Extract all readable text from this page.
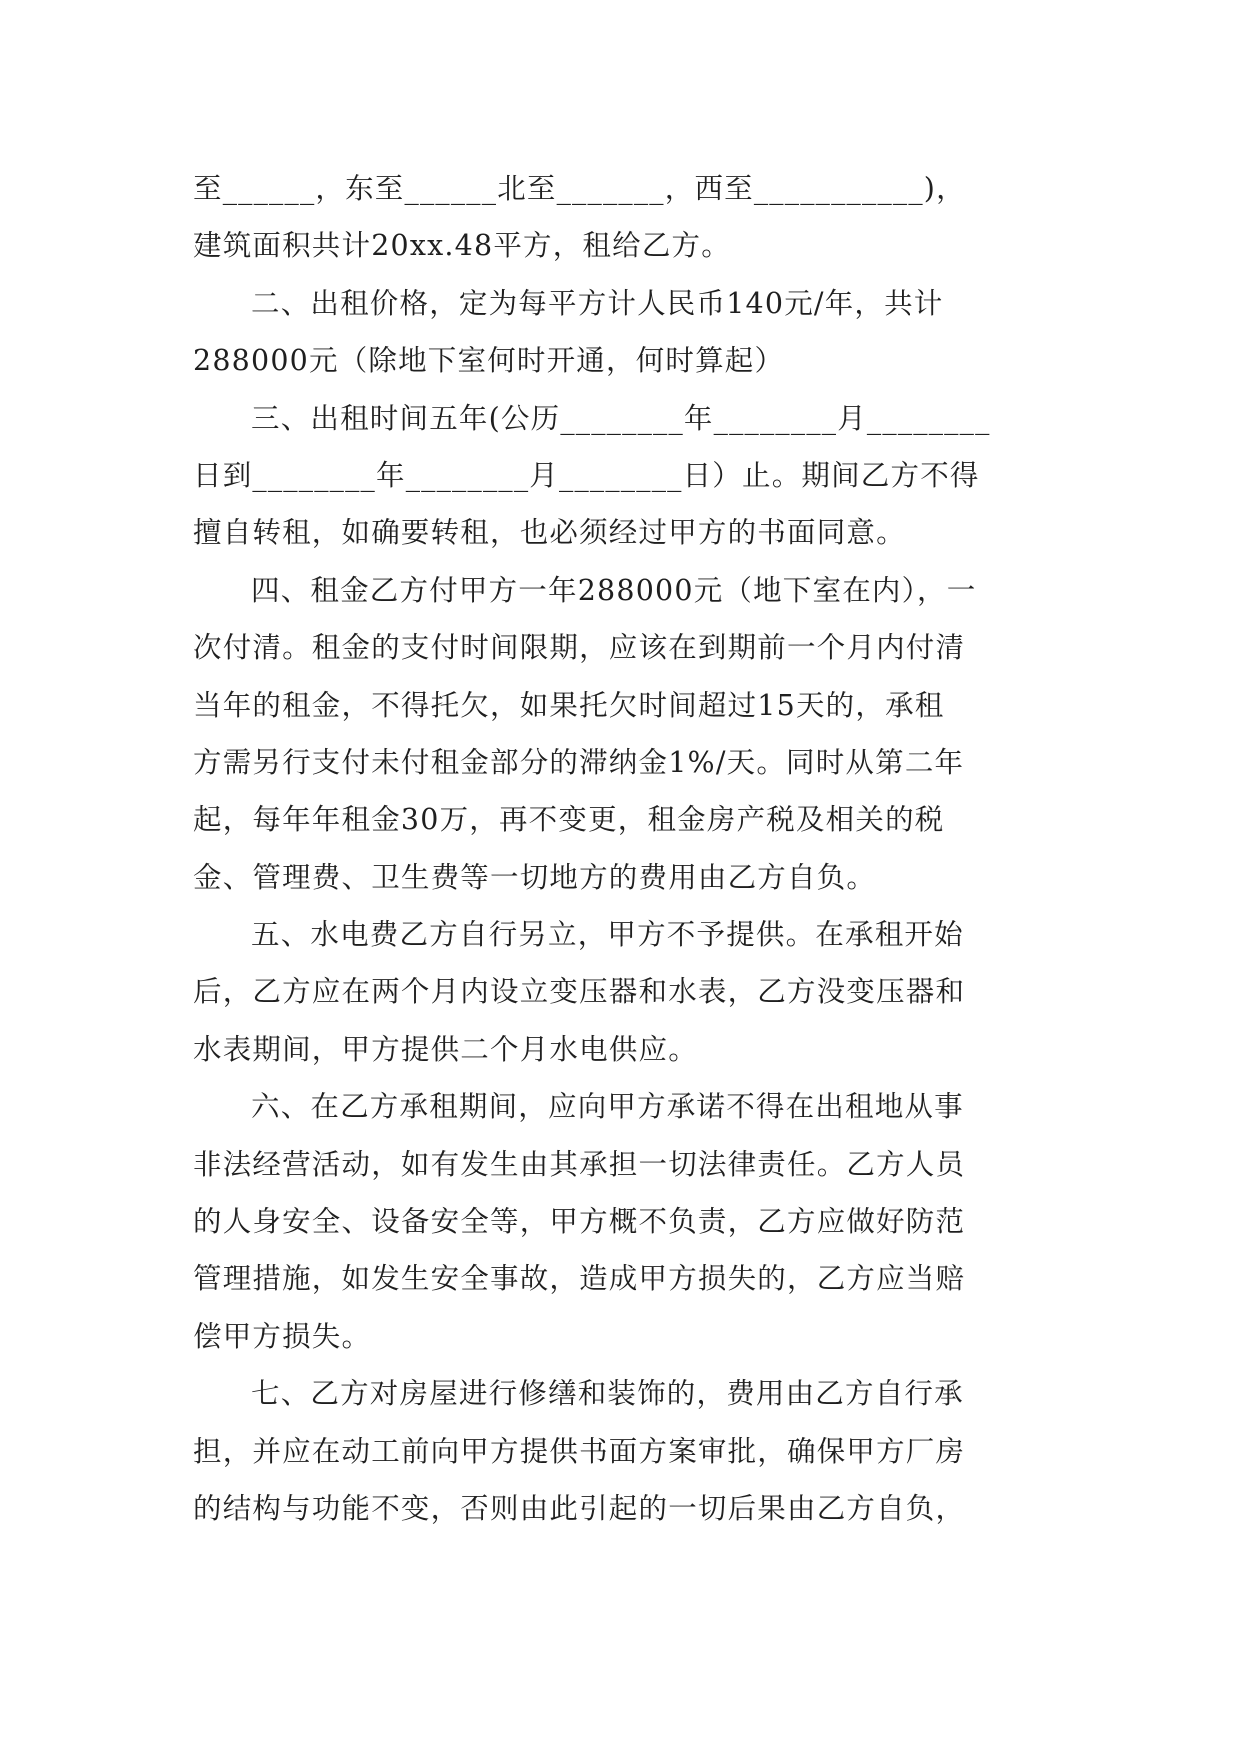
至______，东至______北至_______，西至___________)，
建筑面积共计20xx.48平方，租给乙方。
二、出租价格，定为每平方计人民币140元/年，共计
288000元（除地下室何时开通，何时算起）
三、出租时间五年(公历________年________月________
日到________年________月________日）止。期间乙方不得
擅自转租，如确要转租，也必须经过甲方的书面同意。
四、租金乙方付甲方一年288000元（地下室在内），一
次付清。租金的支付时间限期，应该在到期前一个月内付清
当年的租金，不得托欠，如果托欠时间超过15天的，承租
方需另行支付未付租金部分的滞纳金1%/天。同时从第二年
起，每年年租金30万，再不变更，租金房产税及相关的税
金、管理费、卫生费等一切地方的费用由乙方自负。
五、水电费乙方自行另立，甲方不予提供。在承租开始
后，乙方应在两个月内设立变压器和水表，乙方没变压器和
水表期间，甲方提供二个月水电供应。
六、在乙方承租期间，应向甲方承诺不得在出租地从事
非法经营活动，如有发生由其承担一切法律责任。乙方人员
的人身安全、设备安全等，甲方概不负责，乙方应做好防范
管理措施，如发生安全事故，造成甲方损失的，乙方应当赔
偿甲方损失。
七、乙方对房屋进行修缮和装饰的，费用由乙方自行承
担，并应在动工前向甲方提供书面方案审批，确保甲方厂房
的结构与功能不变，否则由此引起的一切后果由乙方自负，
